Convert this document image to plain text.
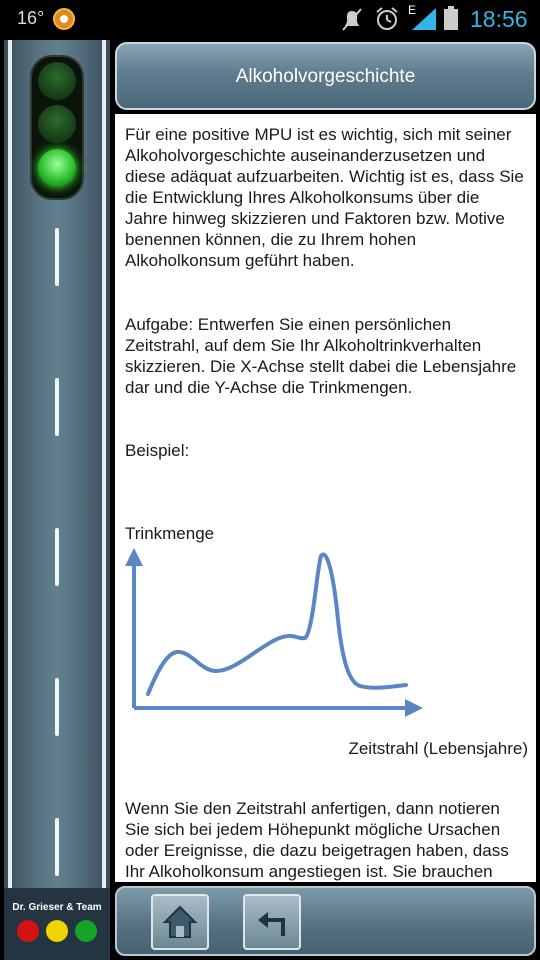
16°	E 18:56
Dr. Grieser & Team
Alkoholvorgeschichte

Für eine positive MPU ist es wichtig, sich mit seiner Alkoholvorgeschichte auseinanderzusetzen und diese adäquat aufzuarbeiten. Wichtig ist es, dass Sie die Entwicklung Ihres Alkoholkonsums über die Jahre hinweg skizzieren und Faktoren bzw. Motive benennen können, die zu Ihrem hohen Alkoholkonsum geführt haben.

Aufgabe: Entwerfen Sie einen persönlichen Zeitstrahl, auf dem Sie Ihr Alkoholtrinkverhalten skizzieren. Die X-Achse stellt dabei die Lebensjahre dar und die Y-Achse die Trinkmengen.

Beispiel:

Trinkmenge
Zeitstrahl (Lebensjahre)

Wenn Sie den Zeitstrahl anfertigen, dann notieren Sie sich bei jedem Höhepunkt mögliche Ursachen oder Ereignisse, die dazu beigetragen haben, dass Ihr Alkoholkonsum angestiegen ist. Sie brauchen
